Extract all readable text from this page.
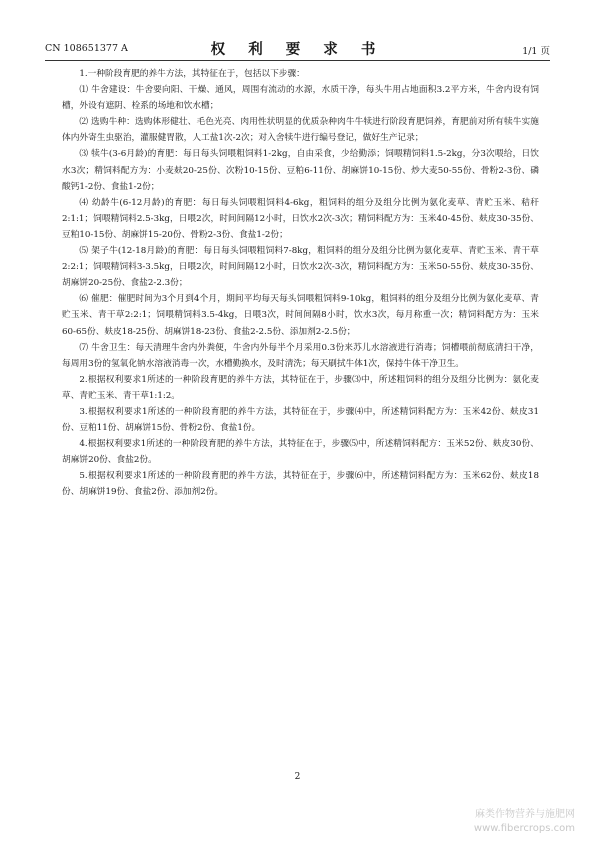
CN 108651377 A	权 利 要 求 书	1/1 页

1.一种阶段育肥的养牛方法，其特征在于，包括以下步骤：

⑴ 牛舍建设：牛舍要向阳、干燥、通风，周围有流动的水源，水质干净，每头牛用占地面积3.2平方米，牛舍内设有饲槽，外设有遮阴、栓系的场地和饮水槽；

⑵ 选购牛种：选购体形健壮、毛色光亮、肉用性状明显的优质杂种肉牛牛犊进行阶段育肥饲养，育肥前对所有犊牛实施体内外寄生虫驱治，灌服健胃散，人工盐1次-2次；对入舍犊牛进行编号登记，做好生产记录；

⑶ 犊牛(3-6月龄)的育肥：每日每头饲喂粗饲料1-2kg，自由采食，少给勤添；饲喂精饲料1.5-2kg，分3次喂给，日饮水3次；精饲料配方为：小麦麸20-25份、次粉10-15份、豆粕6-11份、胡麻饼10-15份、炒大麦50-55份、骨粉2-3份、磷酸钙1-2份、食盐1-2份；

⑷ 幼龄牛(6-12月龄)的育肥：每日每头饲喂粗饲料4-6kg，粗饲料的组分及组分比例为氨化麦草、青贮玉米、秸秆2:1:1；饲喂精饲料2.5-3kg，日喂2次，时间间隔12小时，日饮水2次-3次；精饲料配方为：玉米40-45份、麸皮30-35份、豆粕10-15份、胡麻饼15-20份、骨粉2-3份、食盐1-2份；

⑸ 架子牛(12-18月龄)的育肥：每日每头饲喂粗饲料7-8kg，粗饲料的组分及组分比例为氨化麦草、青贮玉米、青干草2:2:1；饲喂精饲料3-3.5kg，日喂2次，时间间隔12小时，日饮水2次-3次，精饲料配方为：玉米50-55份、麸皮30-35份、胡麻饼20-25份、食盐2-2.3份；

⑹ 催肥：催肥时间为3个月到4个月，期间平均每天每头饲喂粗饲料9-10kg，粗饲料的组分及组分比例为氨化麦草、青贮玉米、青干草2:2:1；饲喂精饲料3.5-4kg，日喂3次，时间间隔8小时，饮水3次，每月称重一次；精饲料配方为：玉米60-65份、麸皮18-25份、胡麻饼18-23份、食盐2-2.5份、添加剂2-2.5份；

⑺ 牛舍卫生：每天清理牛舍内外粪便，牛舍内外每半个月采用0.3份来苏儿水溶液进行消毒；饲槽喂前彻底清扫干净，每周用3份的氢氧化钠水溶液消毒一次，水槽勤换水，及时清洗；每天刷拭牛体1次，保持牛体干净卫生。

2.根据权利要求1所述的一种阶段育肥的养牛方法，其特征在于，步骤⑶中，所述粗饲料的组分及组分比例为：氨化麦草、青贮玉米、青干草1:1:2。

3.根据权利要求1所述的一种阶段育肥的养牛方法，其特征在于，步骤⑷中，所述精饲料配方为：玉米42份、麸皮31份、豆粕11份、胡麻饼15份、骨粉2份、食盐1份。

4.根据权利要求1所述的一种阶段育肥的养牛方法，其特征在于，步骤⑸中，所述精饲料配方：玉米52份、麸皮30份、胡麻饼20份、食盐2份。

5.根据权利要求1所述的一种阶段育肥的养牛方法，其特征在于，步骤⑹中，所述精饲料配方为：玉米62份、麸皮18份、胡麻饼19份、食盐2份、添加剂2份。

2
麻类作物营养与施肥网
www.fibercrops.com
